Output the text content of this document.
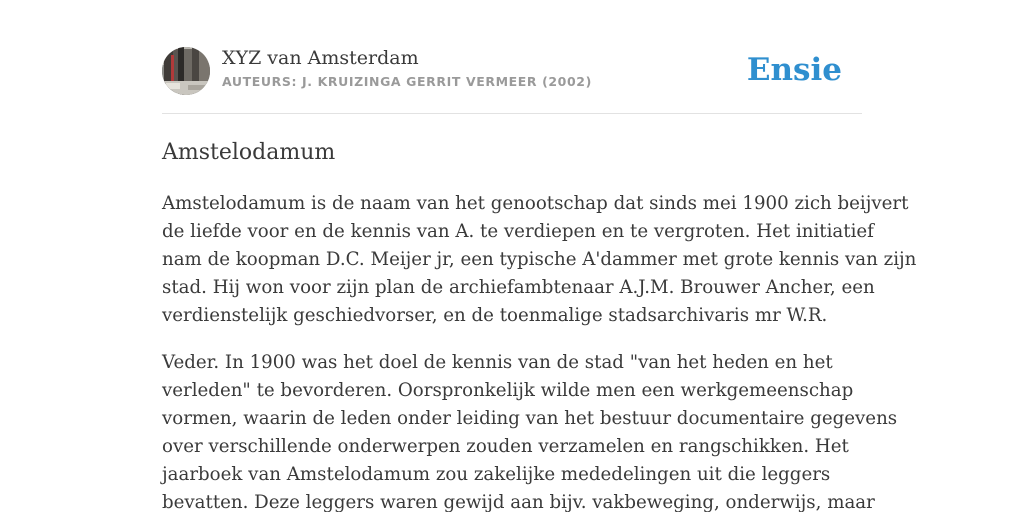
XYZ van Amsterdam
AUTEURS: J. KRUIZINGA GERRIT VERMEER (2002)	Ensie
Amstelodamum

Amstelodamum is de naam van het genootschap dat sinds mei 1900 zich beijvert
de liefde voor en de kennis van A. te verdiepen en te vergroten. Het initiatief
nam de koopman D.C. Meijer jr, een typische A'dammer met grote kennis van zijn
stad. Hij won voor zijn plan de archiefambtenaar A.J.M. Brouwer Ancher, een
verdienstelijk geschiedvorser, en de toenmalige stadsarchivaris mr W.R.

Veder. In 1900 was het doel de kennis van de stad "van het heden en het
verleden" te bevorderen. Oorspronkelijk wilde men een werkgemeenschap
vormen, waarin de leden onder leiding van het bestuur documentaire gegevens
over verschillende onderwerpen zouden verzamelen en rangschikken. Het
jaarboek van Amstelodamum zou zakelijke mededelingen uit die leggers
bevatten. Deze leggers waren gewijd aan bijv. vakbeweging, onderwijs, maar
